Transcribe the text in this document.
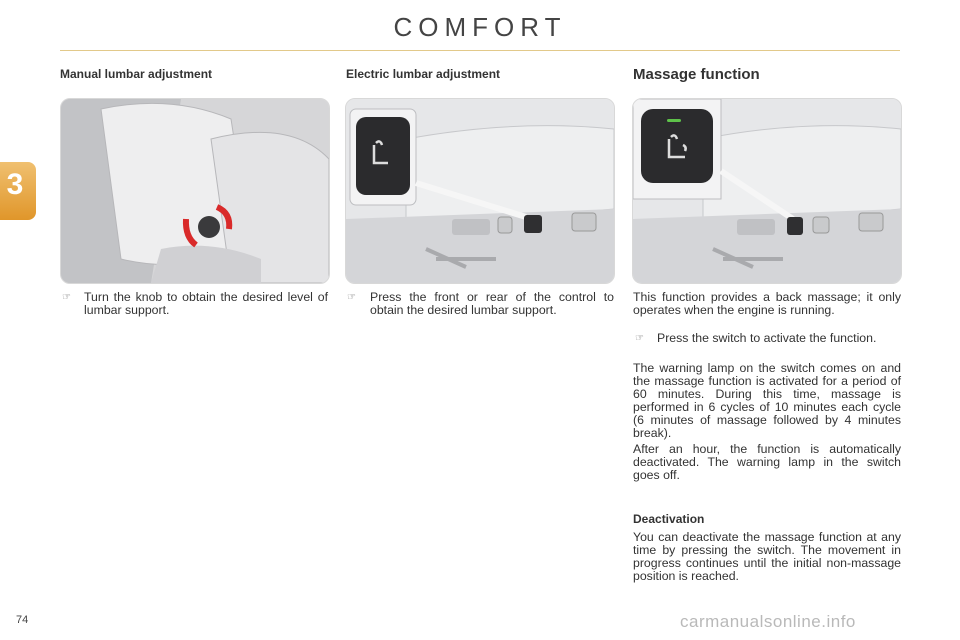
COMFORT
3
Manual lumbar adjustment
☞ Turn the knob to obtain the desired level of lumbar support.
Electric lumbar adjustment
☞ Press the front or rear of the control to obtain the desired lumbar support.
Massage function
This function provides a back massage; it only operates when the engine is running.
☞ Press the switch to activate the function.
The warning lamp on the switch comes on and the massage function is activated for a period of 60 minutes. During this time, massage is performed in 6 cycles of 10 minutes each cycle (6 minutes of massage followed by 4 minutes break).
After an hour, the function is automatically deactivated. The warning lamp in the switch goes off.
Deactivation
You can deactivate the massage function at any time by pressing the switch. The movement in progress continues until the initial non-massage position is reached.
74	carmanualsonline.info
